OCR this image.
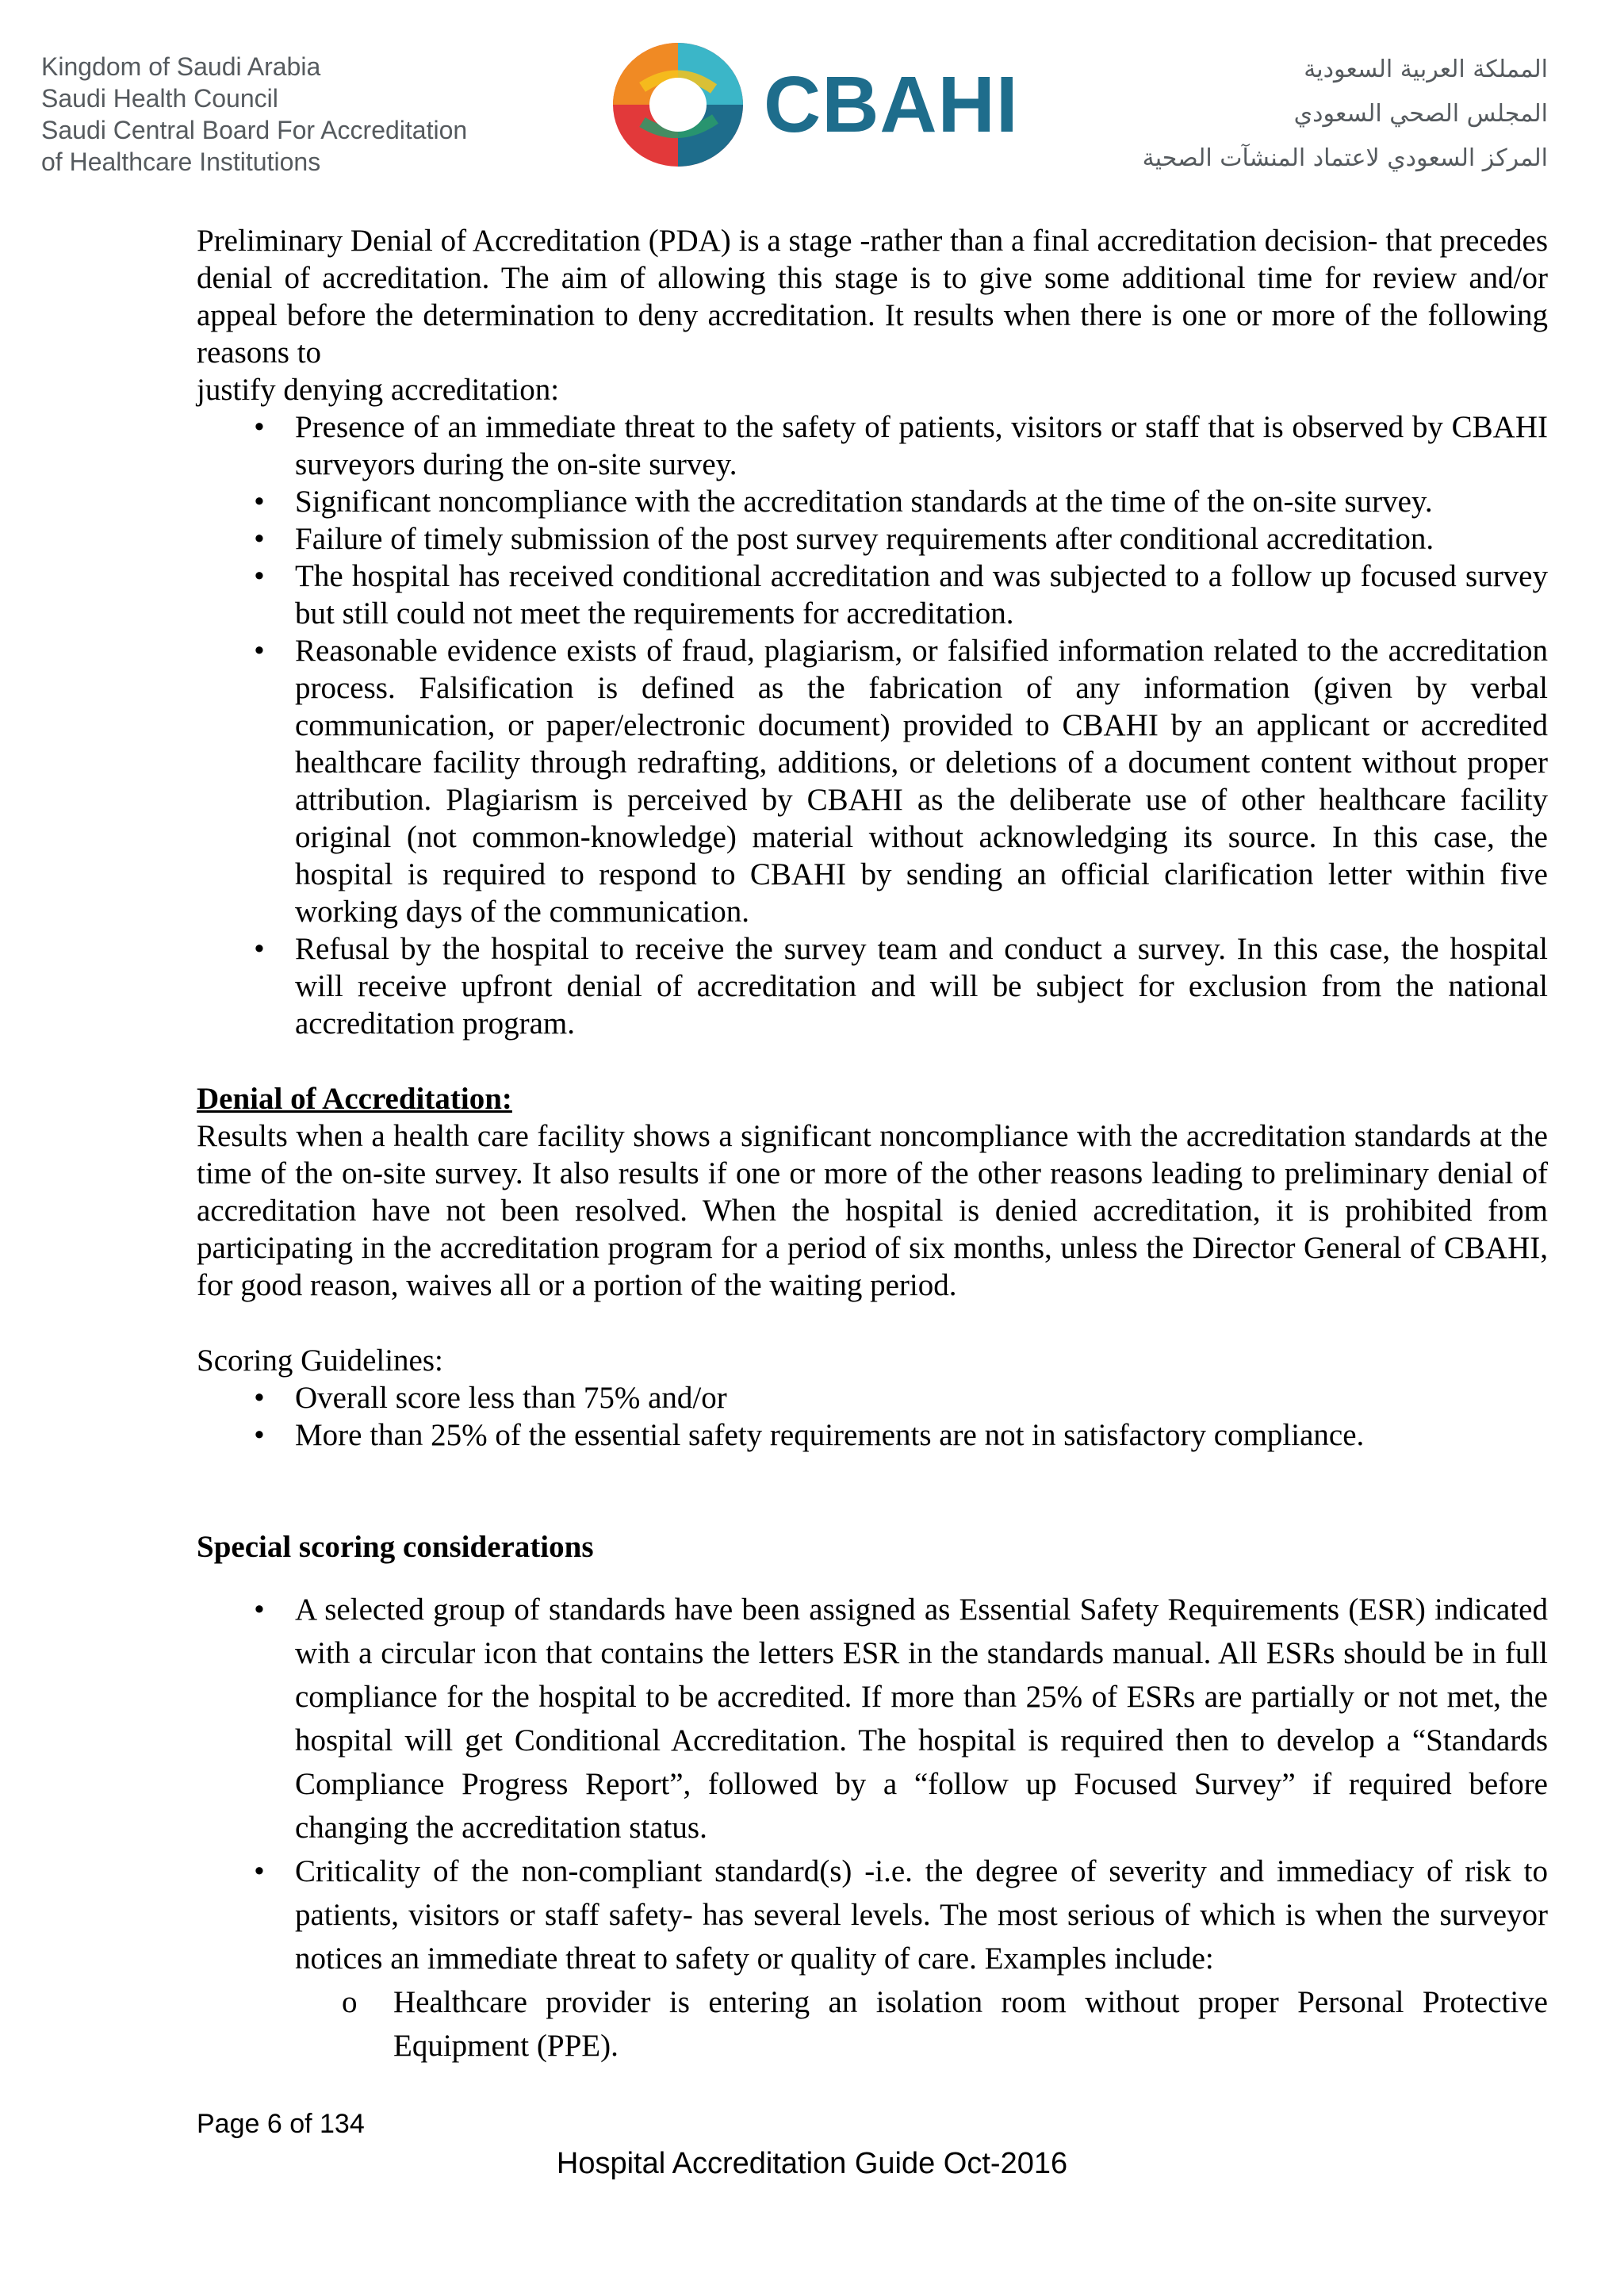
Kingdom of Saudi Arabia
Saudi Health Council
Saudi Central Board For Accreditation
of Healthcare Institutions
CBAHI	المملكة العربية السعودية
المجلس الصحي السعودي
المركز السعودي لاعتماد المنشآت الصحية

Preliminary Denial of Accreditation (PDA) is a stage -rather than a final accreditation decision- that precedes denial of accreditation. The aim of allowing this stage is to give some additional time for review and/or appeal before the determination to deny accreditation. It results when there is one or more of the following reasons to

justify denying accreditation:

• Presence of an immediate threat to the safety of patients, visitors or staff that is observed by CBAHI surveyors during the on-site survey.
• Significant noncompliance with the accreditation standards at the time of the on-site survey.
• Failure of timely submission of the post survey requirements after conditional accreditation.
• The hospital has received conditional accreditation and was subjected to a follow up focused survey but still could not meet the requirements for accreditation.
• Reasonable evidence exists of fraud, plagiarism, or falsified information related to the accreditation process. Falsification is defined as the fabrication of any information (given by verbal communication, or paper/electronic document) provided to CBAHI by an applicant or accredited healthcare facility through redrafting, additions, or deletions of a document content without proper attribution. Plagiarism is perceived by CBAHI as the deliberate use of other healthcare facility original (not common-knowledge) material without acknowledging its source. In this case, the hospital is required to respond to CBAHI by sending an official clarification letter within five working days of the communication.
• Refusal by the hospital to receive the survey team and conduct a survey. In this case, the hospital will receive upfront denial of accreditation and will be subject for exclusion from the national accreditation program.
Denial of Accreditation:

Results when a health care facility shows a significant noncompliance with the accreditation standards at the time of the on-site survey. It also results if one or more of the other reasons leading to preliminary denial of accreditation have not been resolved. When the hospital is denied accreditation, it is prohibited from participating in the accreditation program for a period of six months, unless the Director General of CBAHI, for good reason, waives all or a portion of the waiting period.

Scoring Guidelines:
• Overall score less than 75% and/or
• More than 25% of the essential safety requirements are not in satisfactory compliance.
Special scoring considerations
• A selected group of standards have been assigned as Essential Safety Requirements (ESR) indicated with a circular icon that contains the letters ESR in the standards manual. All ESRs should be in full compliance for the hospital to be accredited. If more than 25% of ESRs are partially or not met, the hospital will get Conditional Accreditation. The hospital is required then to develop a “Standards Compliance Progress Report”, followed by a “follow up Focused Survey” if required before changing the accreditation status.
• Criticality of the non-compliant standard(s) -i.e. the degree of severity and immediacy of risk to patients, visitors or staff safety- has several levels. The most serious of which is when the surveyor notices an immediate threat to safety or quality of care. Examples include:
o Healthcare provider is entering an isolation room without proper Personal Protective Equipment (PPE).
Page 6 of 134
Hospital Accreditation Guide Oct-2016
